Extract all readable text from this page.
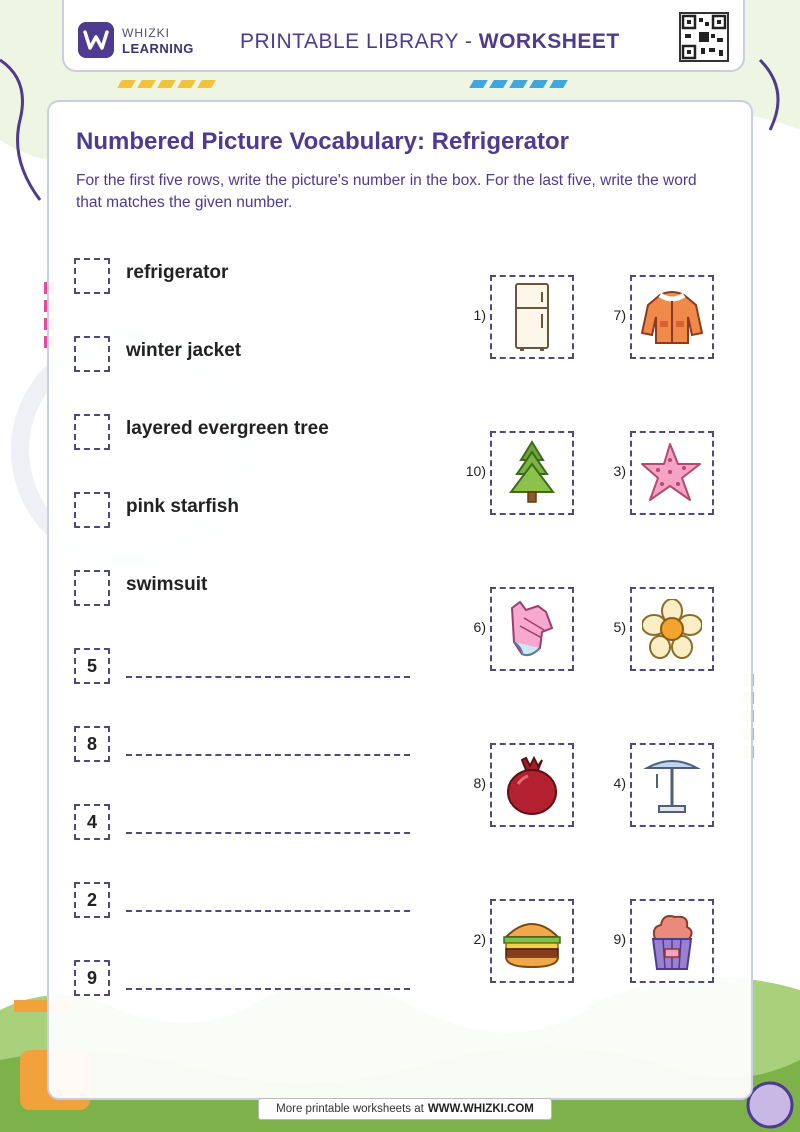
WHIZKI
LEARNING PRINTABLE LIBRARY - WORKSHEET
Numbered Picture Vocabulary: Refrigerator
For the first five rows, write the picture's number in the box. For the last five, write the word that matches the given number.
refrigerator
winter jacket
layered evergreen tree
pink starfish
swimsuit
5
8
4
2
9
1)	7)
10)	3)
6)	5)
8)	4)
2)	9)
More printable worksheets at WWW.WHIZKI.COM
